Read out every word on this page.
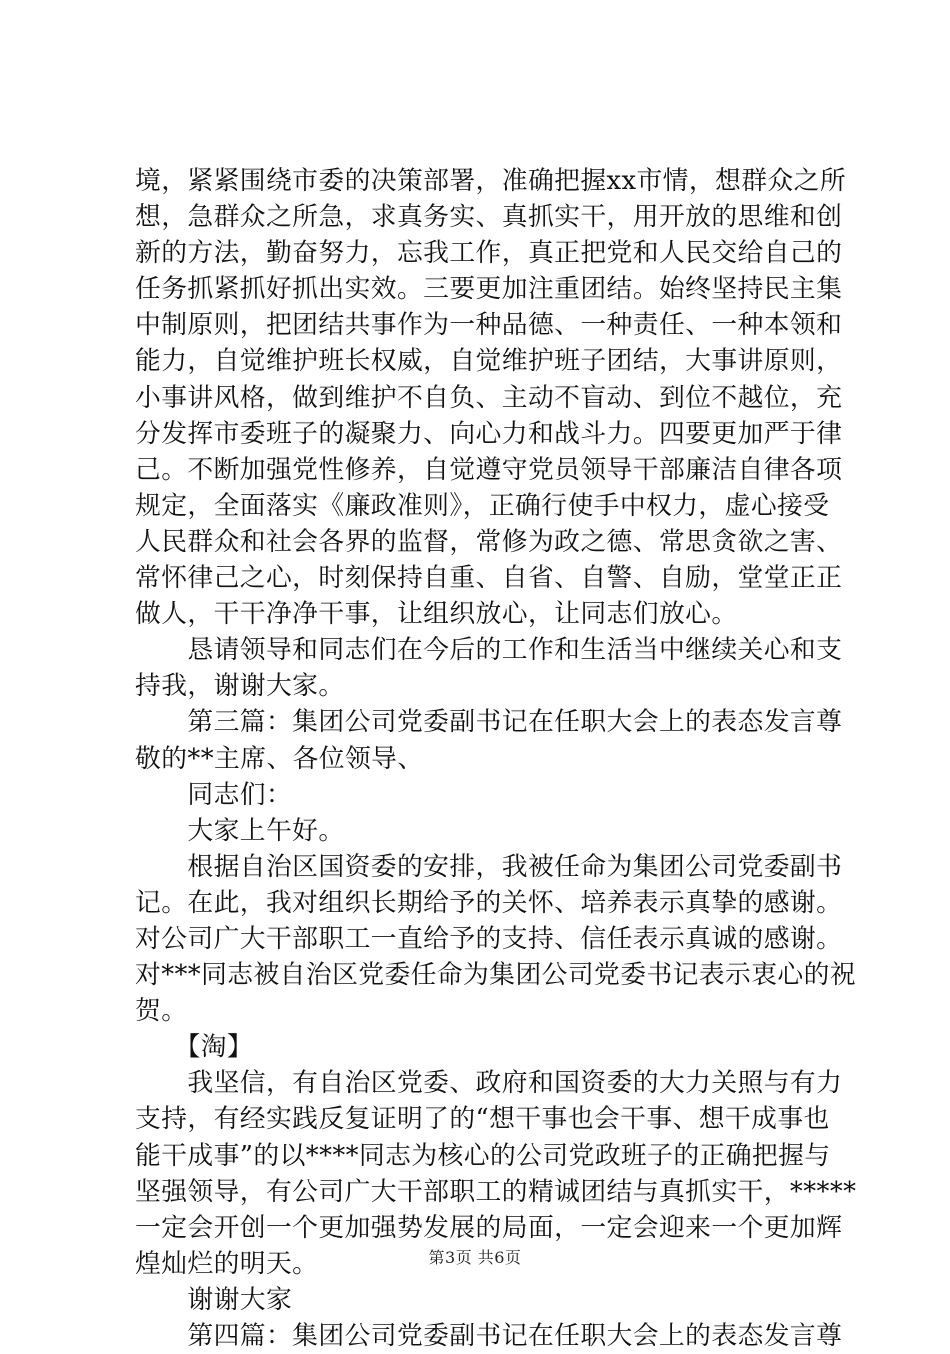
境，紧紧围绕市委的决策部署，准确把握xx市情，想群众之所
想，急群众之所急，求真务实、真抓实干，用开放的思维和创
新的方法，勤奋努力，忘我工作，真正把党和人民交给自己的
任务抓紧抓好抓出实效。三要更加注重团结。始终坚持民主集
中制原则，把团结共事作为一种品德、一种责任、一种本领和
能力，自觉维护班长权威，自觉维护班子团结，大事讲原则，
小事讲风格，做到维护不自负、主动不盲动、到位不越位，充
分发挥市委班子的凝聚力、向心力和战斗力。四要更加严于律
己。不断加强党性修养，自觉遵守党员领导干部廉洁自律各项
规定，全面落实《廉政准则》，正确行使手中权力，虚心接受
人民群众和社会各界的监督，常修为政之德、常思贪欲之害、
常怀律己之心，时刻保持自重、自省、自警、自励，堂堂正正
做人，干干净净干事，让组织放心，让同志们放心。
　　恳请领导和同志们在今后的工作和生活当中继续关心和支
持我，谢谢大家。
　　第三篇：集团公司党委副书记在任职大会上的表态发言尊
敬的**主席、各位领导、
　　同志们：
　　大家上午好。
　　根据自治区国资委的安排，我被任命为集团公司党委副书
记。在此，我对组织长期给予的关怀、培养表示真挚的感谢。
对公司广大干部职工一直给予的支持、信任表示真诚的感谢。
对***同志被自治区党委任命为集团公司党委书记表示衷心的祝
贺。
　　【淘】
　　我坚信，有自治区党委、政府和国资委的大力关照与有力
支持，有经实践反复证明了的“想干事也会干事、想干成事也
能干成事”的以****同志为核心的公司党政班子的正确把握与
坚强领导，有公司广大干部职工的精诚团结与真抓实干，*****
一定会开创一个更加强势发展的局面，一定会迎来一个更加辉
煌灿烂的明天。
　　谢谢大家
　　第四篇：集团公司党委副书记在任职大会上的表态发言尊
第3页 共6页
